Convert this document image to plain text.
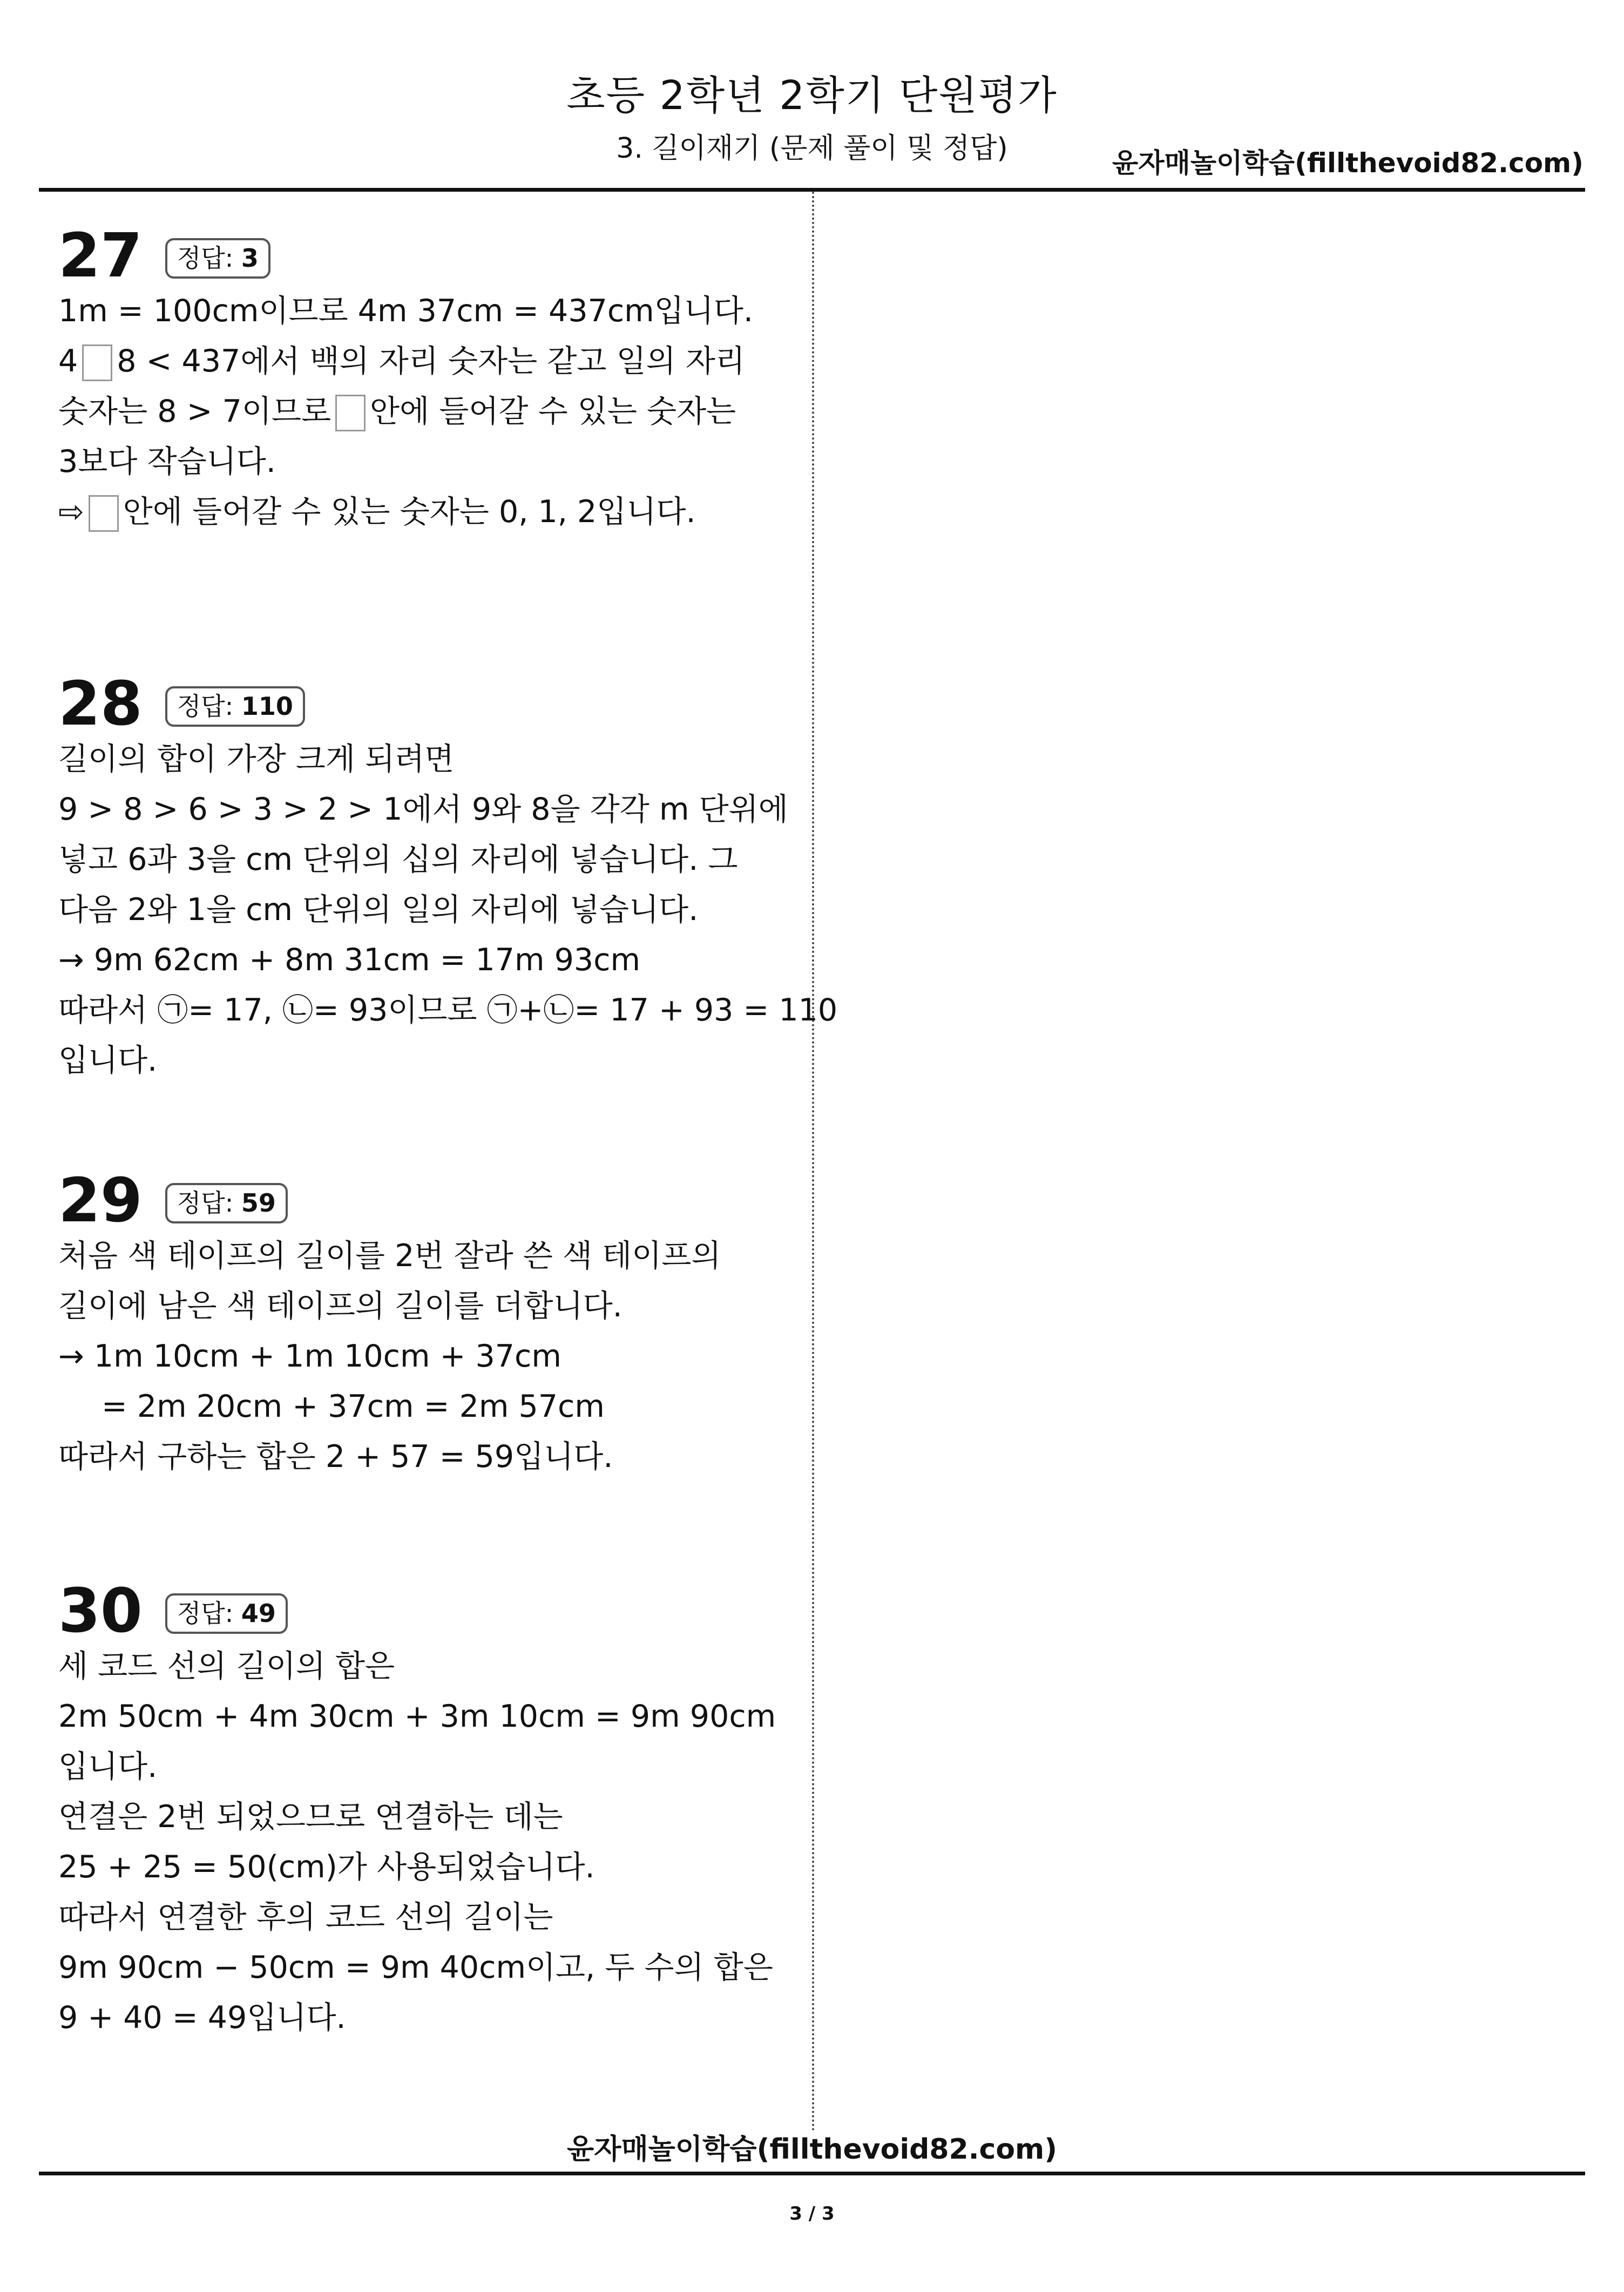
초등 2학년 2학기 단원평가
3. 길이재기 (문제 풀이 및 정답)	윤자매놀이학습(fillthevoid82.com)
27	정답: 3
1m = 100cm이므로 4m 37cm = 437cm입니다.
4 8 < 437에서 백의 자리 숫자는 같고 일의 자리
숫자는 8 > 7이므로 안에 들어갈 수 있는 숫자는
3보다 작습니다.
⇨ 안에 들어갈 수 있는 숫자는 0, 1, 2입니다.
28	정답: 110
길이의 합이 가장 크게 되려면
9 > 8 > 6 > 3 > 2 > 1에서 9와 8을 각각 m 단위에
넣고 6과 3을 cm 단위의 십의 자리에 넣습니다. 그
다음 2와 1을 cm 단위의 일의 자리에 넣습니다.
→ 9m 62cm + 8m 31cm = 17m 93cm
따라서 ㉠= 17, ㉡= 93이므로 ㉠+㉡= 17 + 93 = 110
입니다.
29	정답: 59
처음 색 테이프의 길이를 2번 잘라 쓴 색 테이프의
길이에 남은 색 테이프의 길이를 더합니다.
→ 1m 10cm + 1m 10cm + 37cm
= 2m 20cm + 37cm = 2m 57cm
따라서 구하는 합은 2 + 57 = 59입니다.
30	정답: 49
세 코드 선의 길이의 합은
2m 50cm + 4m 30cm + 3m 10cm = 9m 90cm
입니다.
연결은 2번 되었으므로 연결하는 데는
25 + 25 = 50(cm)가 사용되었습니다.
따라서 연결한 후의 코드 선의 길이는
9m 90cm − 50cm = 9m 40cm이고, 두 수의 합은
9 + 40 = 49입니다.
윤자매놀이학습(fillthevoid82.com)
3 / 3
